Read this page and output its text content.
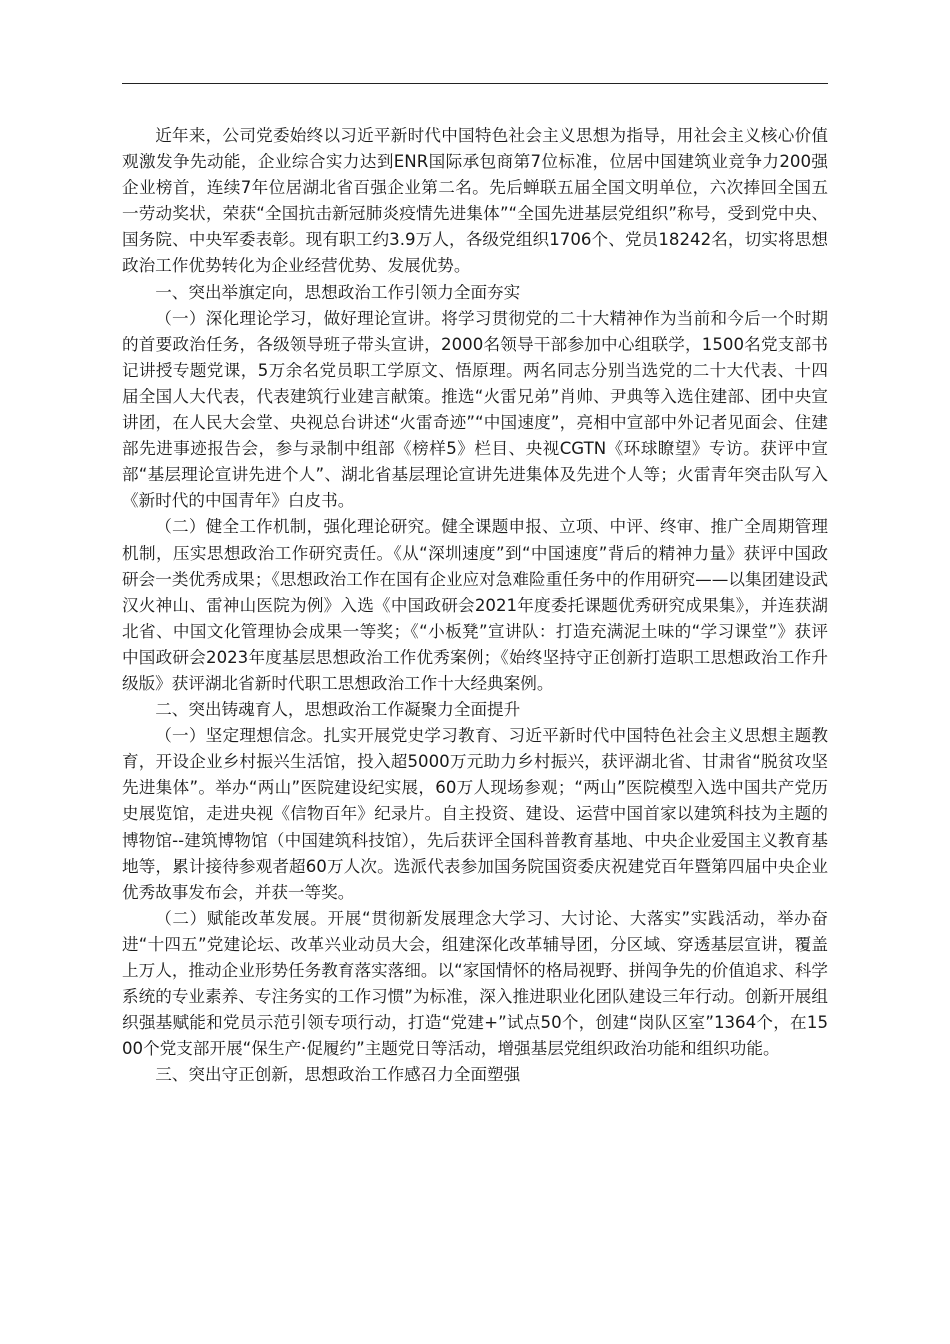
近年来，公司党委始终以习近平新时代中国特色社会主义思想为指导，用社会主义核心价值观激发争先动能，企业综合实力达到ENR国际承包商第7位标准，位居中国建筑业竞争力200强企业榜首，连续7年位居湖北省百强企业第二名。先后蝉联五届全国文明单位，六次捧回全国五一劳动奖状，荣获“全国抗击新冠肺炎疫情先进集体”“全国先进基层党组织”称号，受到党中央、国务院、中央军委表彰。现有职工约3.9万人，各级党组织1706个、党员18242名，切实将思想政治工作优势转化为企业经营优势、发展优势。

一、突出举旗定向，思想政治工作引领力全面夯实

（一）深化理论学习，做好理论宣讲。将学习贯彻党的二十大精神作为当前和今后一个时期的首要政治任务，各级领导班子带头宣讲，2000名领导干部参加中心组联学，1500名党支部书记讲授专题党课，5万余名党员职工学原文、悟原理。两名同志分别当选党的二十大代表、十四届全国人大代表，代表建筑行业建言献策。推选“火雷兄弟”肖帅、尹典等入选住建部、团中央宣讲团，在人民大会堂、央视总台讲述“火雷奇迹”“中国速度”，亮相中宣部中外记者见面会、住建部先进事迹报告会，参与录制中组部《榜样5》栏目、央视CGTN《环球瞭望》专访。获评中宣部“基层理论宣讲先进个人”、湖北省基层理论宣讲先进集体及先进个人等；火雷青年突击队写入《新时代的中国青年》白皮书。

（二）健全工作机制，强化理论研究。健全课题申报、立项、中评、终审、推广全周期管理机制，压实思想政治工作研究责任。《从“深圳速度”到“中国速度”背后的精神力量》获评中国政研会一类优秀成果；《思想政治工作在国有企业应对急难险重任务中的作用研究——以集团建设武汉火神山、雷神山医院为例》入选《中国政研会2021年度委托课题优秀研究成果集》，并连获湖北省、中国文化管理协会成果一等奖；《“小板凳”宣讲队：打造充满泥土味的“学习课堂”》获评中国政研会2023年度基层思想政治工作优秀案例；《始终坚持守正创新打造职工思想政治工作升级版》获评湖北省新时代职工思想政治工作十大经典案例。

二、突出铸魂育人，思想政治工作凝聚力全面提升

（一）坚定理想信念。扎实开展党史学习教育、习近平新时代中国特色社会主义思想主题教育，开设企业乡村振兴生活馆，投入超5000万元助力乡村振兴，获评湖北省、甘肃省“脱贫攻坚先进集体”。举办“两山”医院建设纪实展，60万人现场参观；“两山”医院模型入选中国共产党历史展览馆，走进央视《信物百年》纪录片。自主投资、建设、运营中国首家以建筑科技为主题的博物馆--建筑博物馆（中国建筑科技馆），先后获评全国科普教育基地、中央企业爱国主义教育基地等，累计接待参观者超60万人次。选派代表参加国务院国资委庆祝建党百年暨第四届中央企业优秀故事发布会，并获一等奖。

（二）赋能改革发展。开展“贯彻新发展理念大学习、大讨论、大落实”实践活动，举办奋进“十四五”党建论坛、改革兴业动员大会，组建深化改革辅导团，分区域、穿透基层宣讲，覆盖上万人，推动企业形势任务教育落实落细。以“家国情怀的格局视野、拼闯争先的价值追求、科学系统的专业素养、专注务实的工作习惯”为标准，深入推进职业化团队建设三年行动。创新开展组织强基赋能和党员示范引领专项行动，打造“党建+”试点50个，创建“岗队区室”1364个，在1500个党支部开展“保生产·促履约”主题党日等活动，增强基层党组织政治功能和组织功能。

三、突出守正创新，思想政治工作感召力全面塑强
